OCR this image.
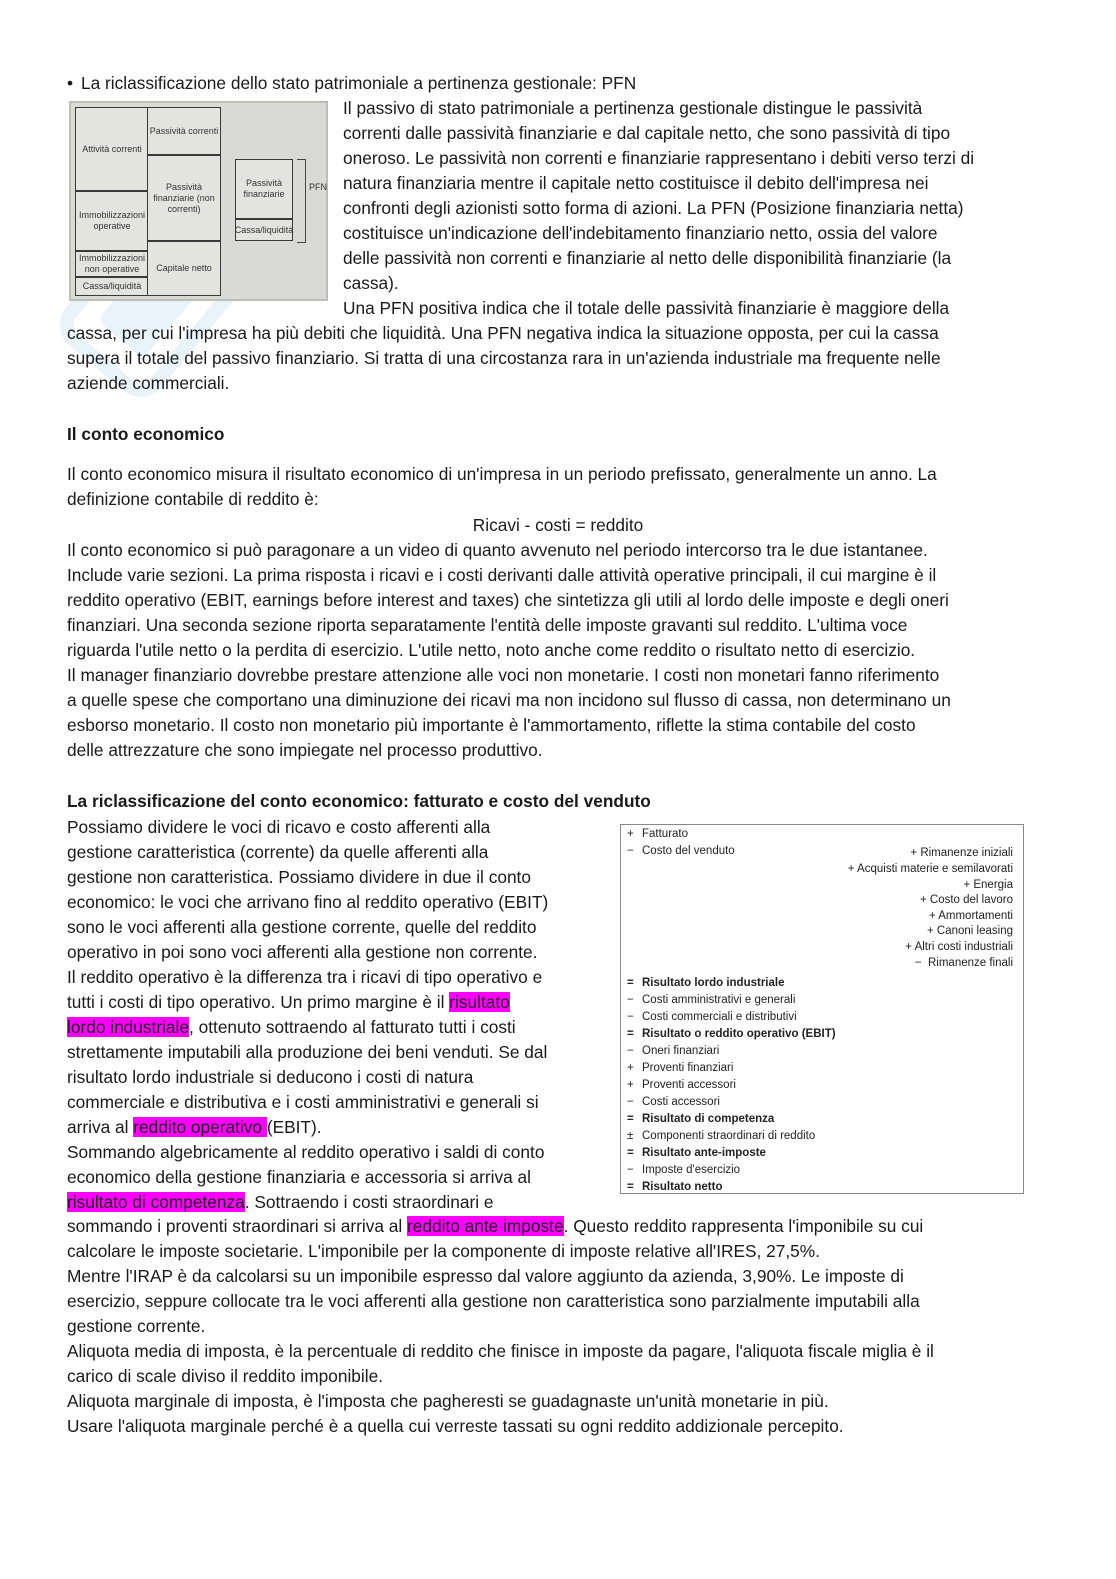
• La riclassificazione dello stato patrimoniale a pertinenza gestionale: PFN
Attività correnti
Immobilizzazioni operative
Immobilizzazioni non operative
Cassa/liquidità
Passività correnti
Passività finanziarie (non correnti)
Capitale netto
Passività finanziarie
Cassa/liquidità
PFN

Il passivo di stato patrimoniale a pertinenza gestionale distingue le passività

correnti dalle passività finanziarie e dal capitale netto, che sono passività di tipo

oneroso. Le passività non correnti e finanziarie rappresentano i debiti verso terzi di

natura finanziaria mentre il capitale netto costituisce il debito dell'impresa nei

confronti degli azionisti sotto forma di azioni. La PFN (Posizione finanziaria netta)

costituisce un'indicazione dell'indebitamento finanziario netto, ossia del valore

delle passività non correnti e finanziarie al netto delle disponibilità finanziarie (la

cassa).

Una PFN positiva indica che il totale delle passività finanziarie è maggiore della

cassa, per cui l'impresa ha più debiti che liquidità. Una PFN negativa indica la situazione opposta, per cui la cassa

supera il totale del passivo finanziario. Si tratta di una circostanza rara in un'azienda industriale ma frequente nelle

aziende commerciali.

Il conto economico

Il conto economico misura il risultato economico di un'impresa in un periodo prefissato, generalmente un anno. La

definizione contabile di reddito è:

Ricavi - costi = reddito

Il conto economico si può paragonare a un video di quanto avvenuto nel periodo intercorso tra le due istantanee.

Include varie sezioni. La prima risposta i ricavi e i costi derivanti dalle attività operative principali, il cui margine è il

reddito operativo (EBIT, earnings before interest and taxes) che sintetizza gli utili al lordo delle imposte e degli oneri

finanziari. Una seconda sezione riporta separatamente l'entità delle imposte gravanti sul reddito. L'ultima voce

riguarda l'utile netto o la perdita di esercizio. L'utile netto, noto anche come reddito o risultato netto di esercizio.

Il manager finanziario dovrebbe prestare attenzione alle voci non monetarie. I costi non monetari fanno riferimento

a quelle spese che comportano una diminuzione dei ricavi ma non incidono sul flusso di cassa, non determinano un

esborso monetario. Il costo non monetario più importante è l'ammortamento, riflette la stima contabile del costo

delle attrezzature che sono impiegate nel processo produttivo.

La riclassificazione del conto economico: fatturato e costo del venduto

Possiamo dividere le voci di ricavo e costo afferenti alla

gestione caratteristica (corrente) da quelle afferenti alla

gestione non caratteristica. Possiamo dividere in due il conto

economico: le voci che arrivano fino al reddito operativo (EBIT)

sono le voci afferenti alla gestione corrente, quelle del reddito

operativo in poi sono voci afferenti alla gestione non corrente.

Il reddito operativo è la differenza tra i ricavi di tipo operativo e

tutti i costi di tipo operativo. Un primo margine è il risultato

lordo industriale, ottenuto sottraendo al fatturato tutti i costi

strettamente imputabili alla produzione dei beni venduti. Se dal

risultato lordo industriale si deducono i costi di natura

commerciale e distributiva e i costi amministrativi e generali si

arriva al reddito operativo (EBIT).

Sommando algebricamente al reddito operativo i saldi di conto

economico della gestione finanziaria e accessoria si arriva al

risultato di competenza. Sottraendo i costi straordinari e

sommando i proventi straordinari si arriva al reddito ante imposte. Questo reddito rappresenta l'imponibile su cui

calcolare le imposte societarie. L'imponibile per la componente di imposte relative all'IRES, 27,5%.

Mentre l'IRAP è da calcolarsi su un imponibile espresso dal valore aggiunto da azienda, 3,90%. Le imposte di

esercizio, seppure collocate tra le voci afferenti alla gestione non caratteristica sono parzialmente imputabili alla

gestione corrente.

Aliquota media di imposta, è la percentuale di reddito che finisce in imposte da pagare, l'aliquota fiscale miglia è il

carico di scale diviso il reddito imponibile.

Aliquota marginale di imposta, è l'imposta che pagheresti se guadagnaste un'unità monetarie in più.

Usare l'aliquota marginale perché è a quella cui verreste tassati su ogni reddito addizionale percepito.

+ Fatturato
− Costo del venduto	+ Rimanenze iniziali
+ Acquisti materie e semilavorati
+ Energia
+ Costo del lavoro
+ Ammortamenti
+ Canoni leasing
+ Altri costi industriali
−  Rimanenze finali
= Risultato lordo industriale
− Costi amministrativi e generali
− Costi commerciali e distributivi
= Risultato o reddito operativo (EBIT)
− Oneri finanziari
+ Proventi finanziari
+ Proventi accessori
− Costi accessori
= Risultato di competenza
± Componenti straordinari di reddito
= Risultato ante-imposte
− Imposte d'esercizio
= Risultato netto
